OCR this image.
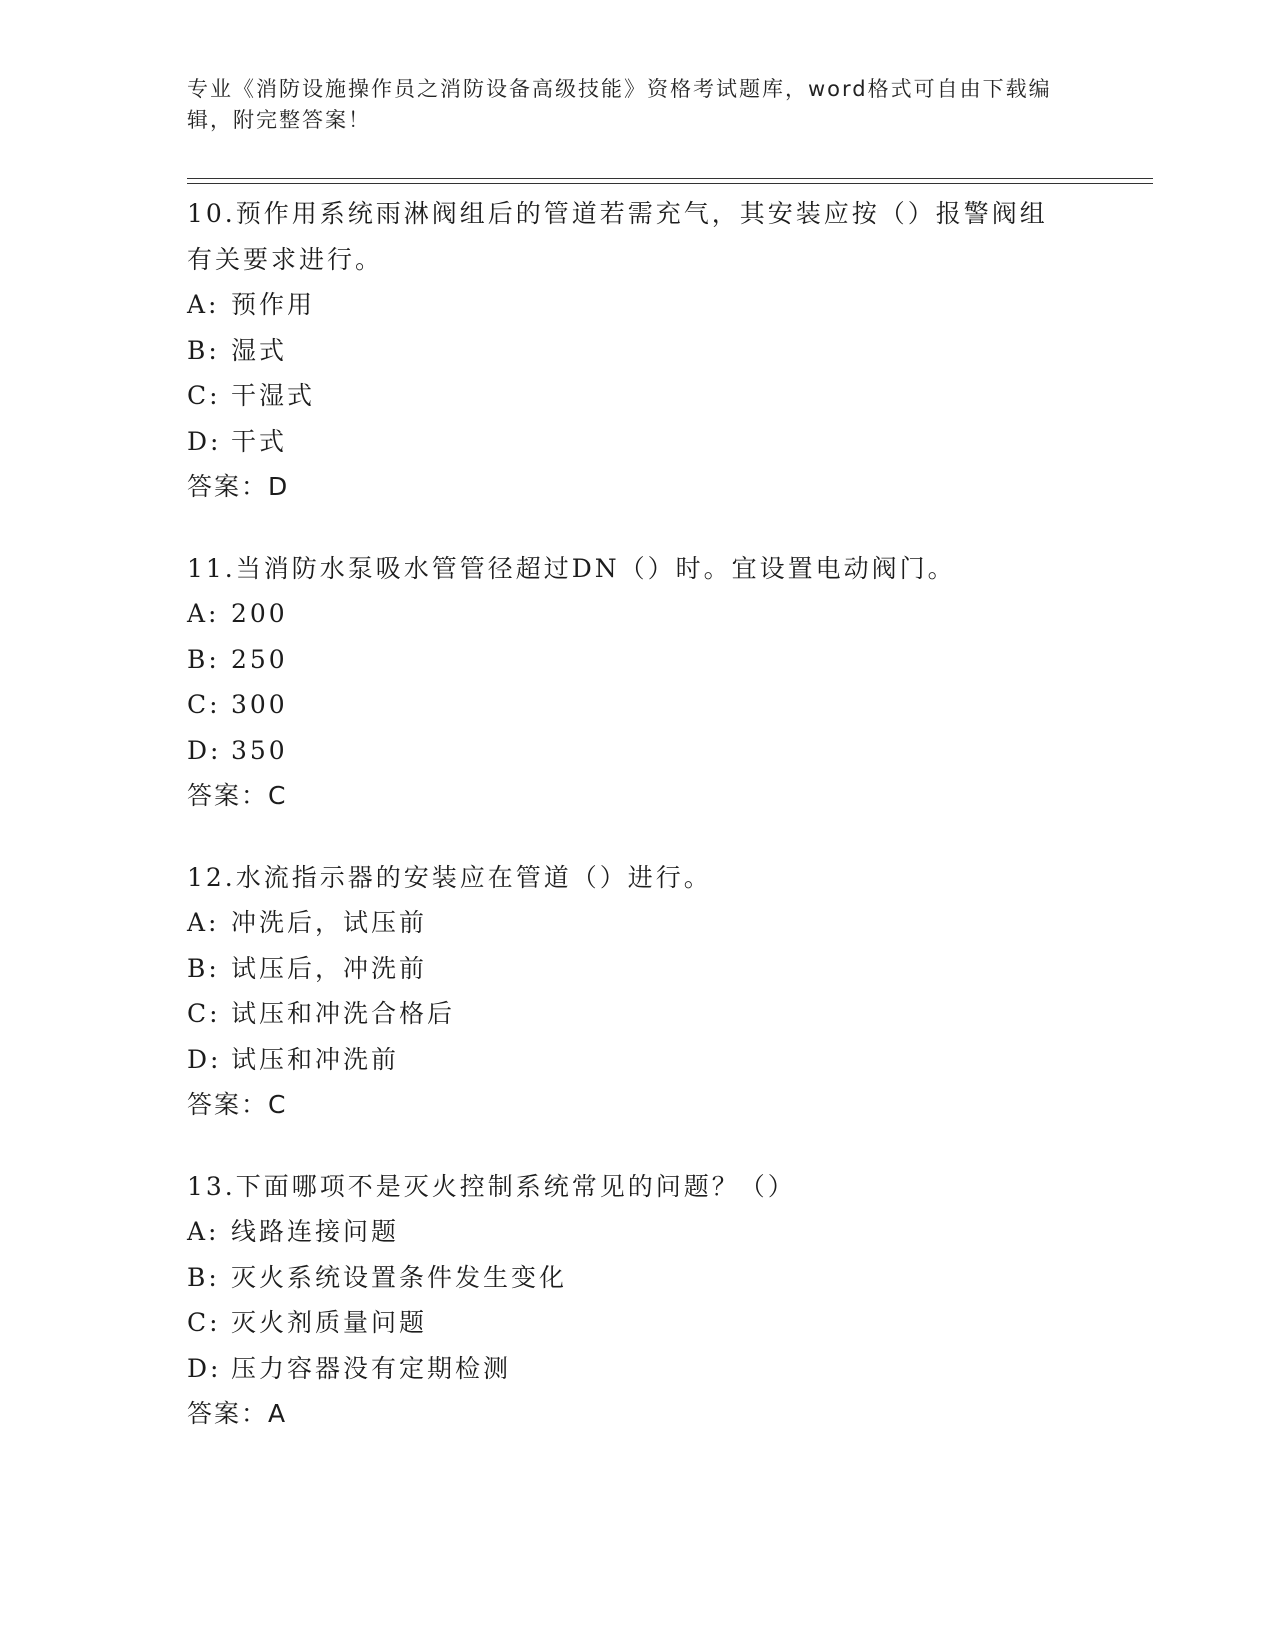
专业《消防设施操作员之消防设备高级技能》资格考试题库，word格式可自由下载编辑，附完整答案！

10.预作用系统雨淋阀组后的管道若需充气，其安装应按（）报警阀组有关要求进行。

A: 预作用

B: 湿式

C: 干湿式

D: 干式

答案：D

11.当消防水泵吸水管管径超过DN（）时。宜设置电动阀门。

A: 200

B: 250

C: 300

D: 350

答案：C

12.水流指示器的安装应在管道（）进行。

A: 冲洗后，试压前

B: 试压后，冲洗前

C: 试压和冲洗合格后

D: 试压和冲洗前

答案：C

13.下面哪项不是灭火控制系统常见的问题？（）

A: 线路连接问题

B: 灭火系统设置条件发生变化

C: 灭火剂质量问题

D: 压力容器没有定期检测

答案：A
